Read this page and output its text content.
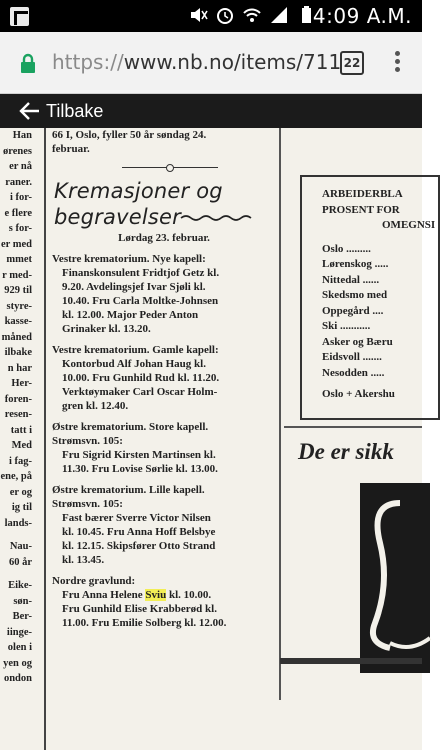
4:09 A.M.
https://www.nb.no/items/711 22
Tilbake
Han
ørenes
er nå
raner.
i for-
e flere
s for-
er med
mmet
r med-
929 til
styre-
kasse-
måned
ilbake
n har
Her-
foren-
resen-
tatt i
Med
i fag-
ene, på
er og
ig til
lands-
Nau-
60 år
Eike-
søn-
Ber-
iinge-
olen i
yen og
ondon
66 I, Oslo, fyller 50 år søndag 24.
februar.
Kremasjoner og
begravelser
Lørdag 23. februar.
Vestre krematorium. Nye kapell:
Finanskonsulent Fridtjof Getz kl.
9.20. Avdelingsjef Ivar Sjøli kl.
10.40. Fru Carla Moltke-Johnsen
kl. 12.00. Major Peder Anton
Grinaker kl. 13.20.
Vestre krematorium. Gamle kapell:
Kontorbud Alf Johan Haug kl.
10.00. Fru Gunhild Rud kl. 11.20.
Verktøymaker Carl Oscar Holm-
gren kl. 12.40.
Østre krematorium. Store kapell.
Strømsvn. 105:
Fru Sigrid Kirsten Martinsen kl.
11.30. Fru Lovise Sørlie kl. 13.00.
Østre krematorium. Lille kapell.
Strømsvn. 105:
Fast bærer Sverre Victor Nilsen
kl. 10.45. Fru Anna Hoff Belsbye
kl. 12.15. Skipsfører Otto Strand
kl. 13.45.
Nordre gravlund:
Fru Anna Helene Sviu kl. 10.00.
Fru Gunhild Elise Krabberød kl.
11.00. Fru Emilie Solberg kl. 12.00.
ARBEIDERBLA
PROSENT FOR
OMEGNSI
Oslo .........
Lørenskog .....
Nittedal ......
Skedsmo med
Oppegård ....
Ski ...........
Asker og Bæru
Eidsvoll .......
Nesodden .....
Oslo + Akershu
De er sikk
